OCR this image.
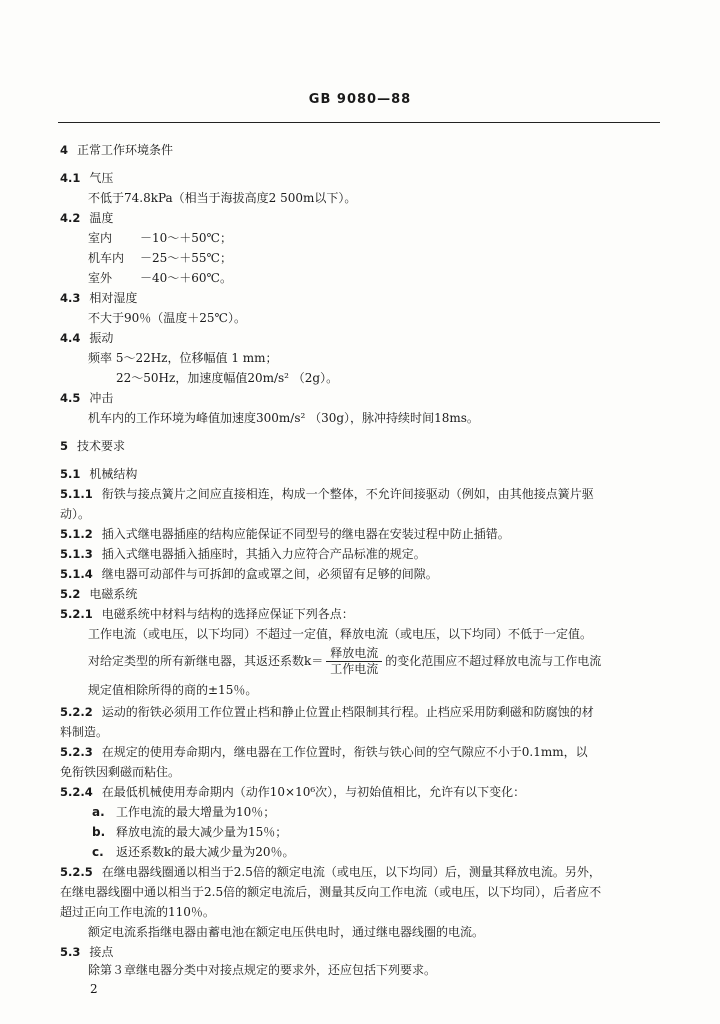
GB 9080—88
4 正常工作环境条件
4.1 气压
不低于74.8kPa（相当于海拔高度2 500m以下）。
4.2 温度
室内 －10～＋50℃；
机车内 －25～＋55℃；
室外 －40～＋60℃。
4.3 相对湿度
不大于90％（温度＋25℃）。
4.4 振动
频率 5～22Hz，位移幅值 1 mm；
22～50Hz，加速度幅值20m/s² （2g）。
4.5 冲击
机车内的工作环境为峰值加速度300m/s² （30g），脉冲持续时间18ms。
5 技术要求
5.1 机械结构
5.1.1 衔铁与接点簧片之间应直接相连，构成一个整体，不允许间接驱动（例如，由其他接点簧片驱
动）。
5.1.2 插入式继电器插座的结构应能保证不同型号的继电器在安装过程中防止插错。
5.1.3 插入式继电器插入插座时，其插入力应符合产品标准的规定。
5.1.4 继电器可动部件与可拆卸的盒或罩之间，必须留有足够的间隙。
5.2 电磁系统
5.2.1 电磁系统中材料与结构的选择应保证下列各点：
工作电流（或电压，以下均同）不超过一定值，释放电流（或电压，以下均同）不低于一定值。
对给定类型的所有新继电器，其返还系数$k= \frac{\text{释放电流}}{\text{工作电流}}$ 的变化范围应不超过释放电流与工作电流
规定值相除所得的商的±15％。
5.2.2 运动的衔铁必须用工作位置止档和静止位置止档限制其行程。止档应采用防剩磁和防腐蚀的材
料制造。
5.2.3 在规定的使用寿命期内，继电器在工作位置时，衔铁与铁心间的空气隙应不小于0.1mm，以
免衔铁因剩磁而粘住。
5.2.4 在最低机械使用寿命期内（动作10×10⁶次），与初始值相比，允许有以下变化：
a. 工作电流的最大增量为10％；
b. 释放电流的最大减少量为15％；
c. 返还系数k的最大减少量为20％。
5.2.5 在继电器线圈通以相当于2.5倍的额定电流（或电压，以下均同）后，测量其释放电流。另外，
在继电器线圈中通以相当于2.5倍的额定电流后，测量其反向工作电流（或电压，以下均同），后者应不
超过正向工作电流的110％。
额定电流系指继电器由蓄电池在额定电压供电时，通过继电器线圈的电流。
5.3 接点
除第３章继电器分类中对接点规定的要求外，还应包括下列要求。
2
